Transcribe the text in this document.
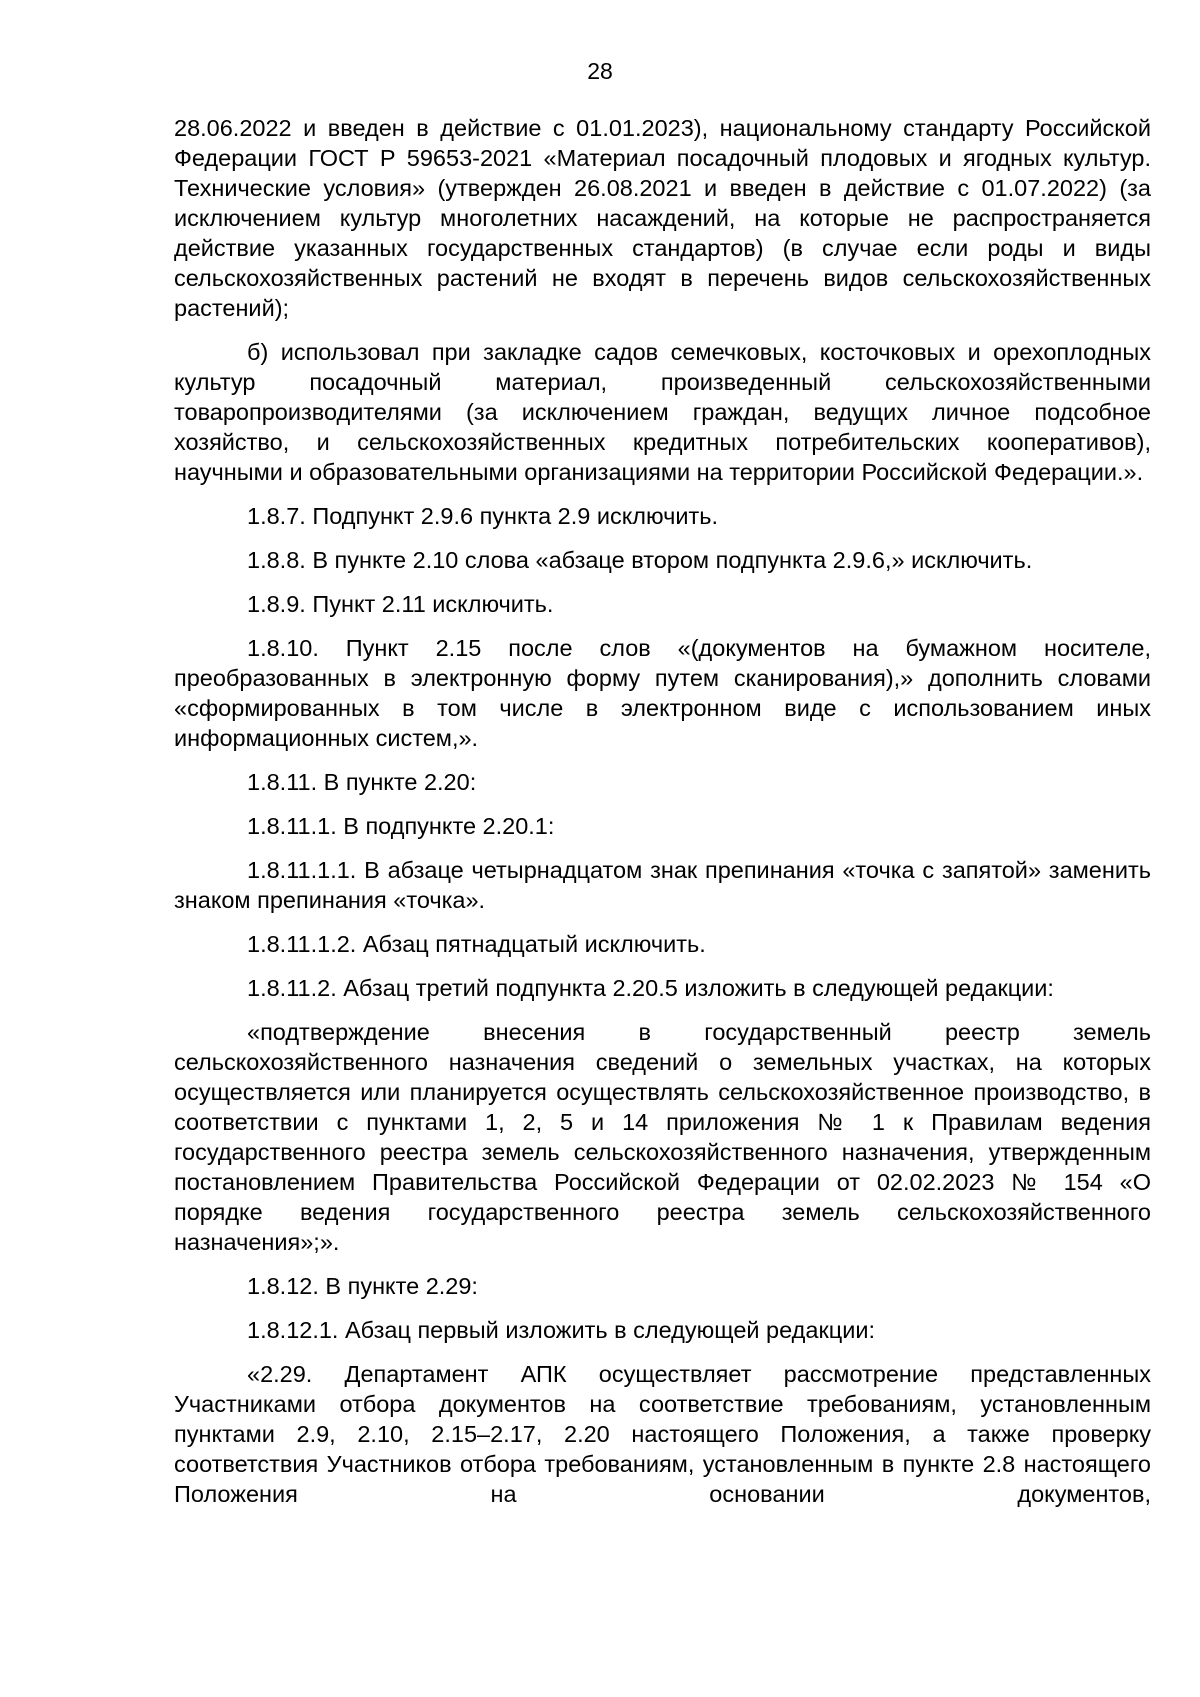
28

28.06.2022 и введен в действие с 01.01.2023), национальному стандарту Российской Федерации ГОСТ Р 59653-2021 «Материал посадочный плодовых и ягодных культур. Технические условия» (утвержден 26.08.2021 и введен в действие с 01.07.2022) (за исключением культур многолетних насаждений, на которые не распространяется действие указанных государственных стандартов) (в случае если роды и виды сельскохозяйственных растений не входят в перечень видов сельскохозяйственных растений);

б) использовал при закладке садов семечковых, косточковых и орехоплодных культур посадочный материал, произведенный сельскохозяйственными товаропроизводителями (за исключением граждан, ведущих личное подсобное хозяйство, и сельскохозяйственных кредитных потребительских кооперативов), научными и образовательными организациями на территории Российской Федерации.».

1.8.7. Подпункт 2.9.6 пункта 2.9 исключить.

1.8.8. В пункте 2.10 слова «абзаце втором подпункта 2.9.6,» исключить.

1.8.9. Пункт 2.11 исключить.

1.8.10. Пункт 2.15 после слов «(документов на бумажном носителе, преобразованных в электронную форму путем сканирования),» дополнить словами «сформированных в том числе в электронном виде с использованием иных информационных систем,».

1.8.11. В пункте 2.20:

1.8.11.1. В подпункте 2.20.1:

1.8.11.1.1. В абзаце четырнадцатом знак препинания «точка с запятой» заменить знаком препинания «точка».

1.8.11.1.2. Абзац пятнадцатый исключить.

1.8.11.2. Абзац третий подпункта 2.20.5 изложить в следующей редакции:

«подтверждение внесения в государственный реестр земель сельскохозяйственного назначения сведений о земельных участках, на которых осуществляется или планируется осуществлять сельскохозяйственное производство, в соответствии с пунктами 1, 2, 5 и 14 приложения № 1 к Правилам ведения государственного реестра земель сельскохозяйственного назначения, утвержденным постановлением Правительства Российской Федерации от 02.02.2023 № 154 «О порядке ведения государственного реестра земель сельскохозяйственного назначения»;».

1.8.12. В пункте 2.29:

1.8.12.1. Абзац первый изложить в следующей редакции:

«2.29. Департамент АПК осуществляет рассмотрение представленных Участниками отбора документов на соответствие требованиям, установленным пунктами 2.9, 2.10, 2.15–2.17, 2.20 настоящего Положения, а также проверку соответствия Участников отбора требованиям, установленным в пункте 2.8 настоящего Положения на основании документов,
